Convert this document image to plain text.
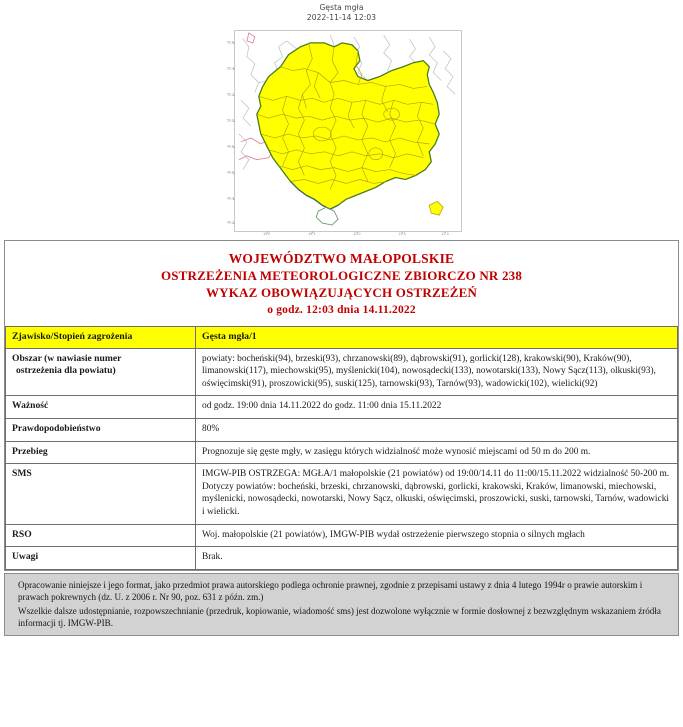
Gęsta mgła
2022-11-14 12:03
50.6
50.4
50.2
50.0
49.8
49.6
49.4
49.2
19.0	19.5	20.0	20.5	21.0
WOJEWÓDZTWO MAŁOPOLSKIE
OSTRZEŻENIA METEOROLOGICZNE ZBIORCZO NR 238
WYKAZ OBOWIĄZUJĄCYCH OSTRZEŻEŃ
o godz. 12:03 dnia 14.11.2022
Zjawisko/Stopień zagrożenia	Gęsta mgła/1
Obszar (w nawiasie numer
ostrzeżenia dla powiatu)	powiaty: bocheński(94), brzeski(93), chrzanowski(89), dąbrowski(91), gorlicki(128), krakowski(90), Kraków(90), limanowski(117), miechowski(95), myślenicki(104), nowosądecki(133), nowotarski(133), Nowy Sącz(113), olkuski(93), oświęcimski(91), proszowicki(95), suski(125), tarnowski(93), Tarnów(93), wadowicki(102), wielicki(92)
Ważność	od godz. 19:00 dnia 14.11.2022 do godz. 11:00 dnia 15.11.2022
Prawdopodobieństwo	80%
Przebieg	Prognozuje się gęste mgły, w zasięgu których widzialność może wynosić miejscami od 50 m do 200 m.
SMS	IMGW-PIB OSTRZEGA: MGŁA/1 małopolskie (21 powiatów) od 19:00/14.11 do 11:00/15.11.2022 widzialność 50-200 m. Dotyczy powiatów: bocheński, brzeski, chrzanowski, dąbrowski, gorlicki, krakowski, Kraków, limanowski, miechowski, myślenicki, nowosądecki, nowotarski, Nowy Sącz, olkuski, oświęcimski, proszowicki, suski, tarnowski, Tarnów, wadowicki i wielicki.
RSO	Woj. małopolskie (21 powiatów), IMGW-PIB wydał ostrzeżenie pierwszego stopnia o silnych mgłach
Uwagi	Brak.

Opracowanie niniejsze i jego format, jako przedmiot prawa autorskiego podlega ochronie prawnej, zgodnie z przepisami ustawy z dnia 4 lutego 1994r o prawie autorskim i prawach pokrewnych (dz. U. z 2006 r. Nr 90, poz. 631 z późn. zm.)

Wszelkie dalsze udostępnianie, rozpowszechnianie (przedruk, kopiowanie, wiadomość sms) jest dozwolone wyłącznie w formie dosłownej z bezwzględnym wskazaniem źródła informacji tj. IMGW-PIB.
